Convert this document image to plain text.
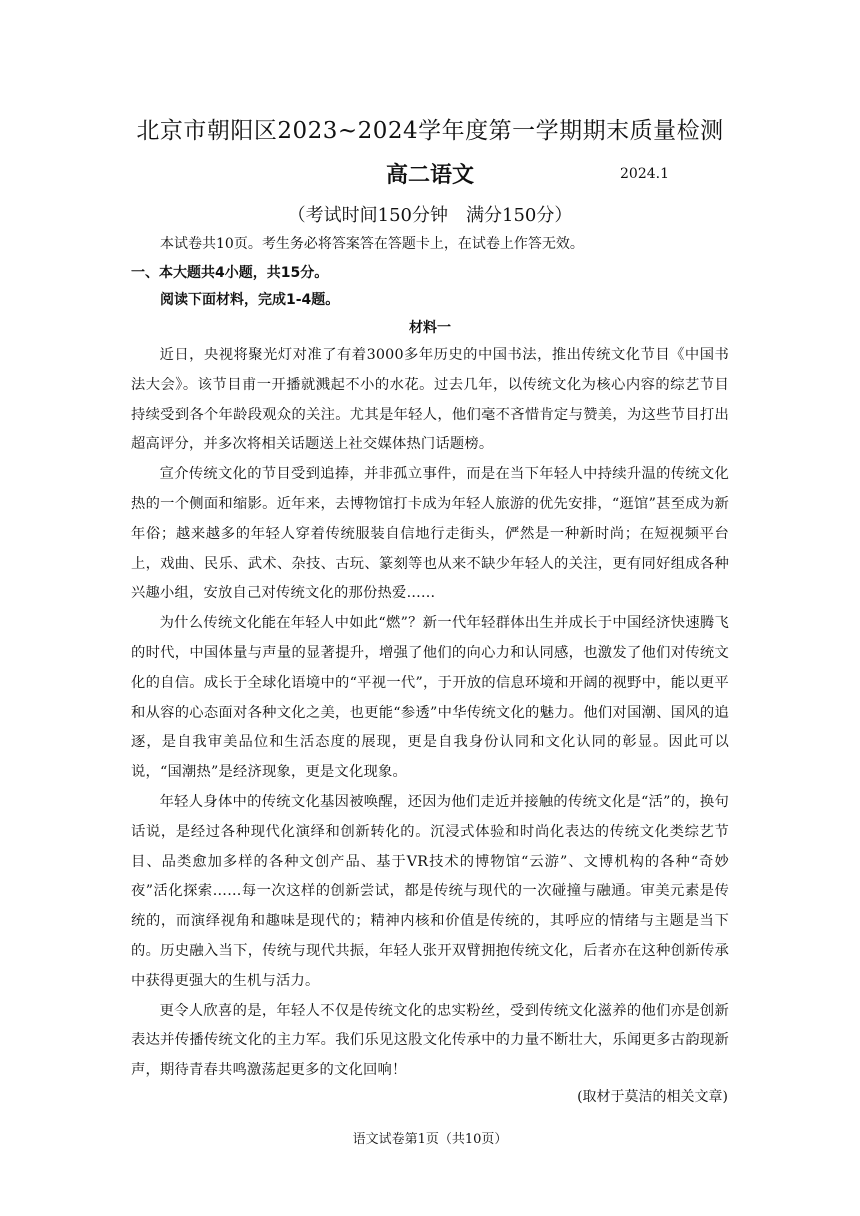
北京市朝阳区2023~2024学年度第一学期期末质量检测
高二语文	2024.1
（考试时间150分钟　满分150分）
本试卷共10页。考生务必将答案答在答题卡上，在试卷上作答无效。
一、本大题共4小题，共15分。
阅读下面材料，完成1-4题。
材料一

近日，央视将聚光灯对准了有着3000多年历史的中国书法，推出传统文化节目《中国书法大会》。该节目甫一开播就溅起不小的水花。过去几年，以传统文化为核心内容的综艺节目持续受到各个年龄段观众的关注。尤其是年轻人，他们毫不吝惜肯定与赞美，为这些节目打出超高评分，并多次将相关话题送上社交媒体热门话题榜。

宣介传统文化的节目受到追捧，并非孤立事件，而是在当下年轻人中持续升温的传统文化热的一个侧面和缩影。近年来，去博物馆打卡成为年轻人旅游的优先安排，“逛馆”甚至成为新年俗；越来越多的年轻人穿着传统服装自信地行走街头，俨然是一种新时尚；在短视频平台上，戏曲、民乐、武术、杂技、古玩、篆刻等也从来不缺少年轻人的关注，更有同好组成各种兴趣小组，安放自己对传统文化的那份热爱……

为什么传统文化能在年轻人中如此“燃”？新一代年轻群体出生并成长于中国经济快速腾飞的时代，中国体量与声量的显著提升，增强了他们的向心力和认同感，也激发了他们对传统文化的自信。成长于全球化语境中的“平视一代”，于开放的信息环境和开阔的视野中，能以更平和从容的心态面对各种文化之美，也更能“参透”中华传统文化的魅力。他们对国潮、国风的追逐，是自我审美品位和生活态度的展现，更是自我身份认同和文化认同的彰显。因此可以说，“国潮热”是经济现象，更是文化现象。

年轻人身体中的传统文化基因被唤醒，还因为他们走近并接触的传统文化是“活”的，换句话说，是经过各种现代化演绎和创新转化的。沉浸式体验和时尚化表达的传统文化类综艺节目、品类愈加多样的各种文创产品、基于VR技术的博物馆“云游”、文博机构的各种“奇妙夜”活化探索……每一次这样的创新尝试，都是传统与现代的一次碰撞与融通。审美元素是传统的，而演绎视角和趣味是现代的；精神内核和价值是传统的，其呼应的情绪与主题是当下的。历史融入当下，传统与现代共振，年轻人张开双臂拥抱传统文化，后者亦在这种创新传承中获得更强大的生机与活力。

更令人欣喜的是，年轻人不仅是传统文化的忠实粉丝，受到传统文化滋养的他们亦是创新表达并传播传统文化的主力军。我们乐见这股文化传承中的力量不断壮大，乐闻更多古韵现新声，期待青春共鸣激荡起更多的文化回响！

(取材于莫洁的相关文章)
语文试卷第1页（共10页）
